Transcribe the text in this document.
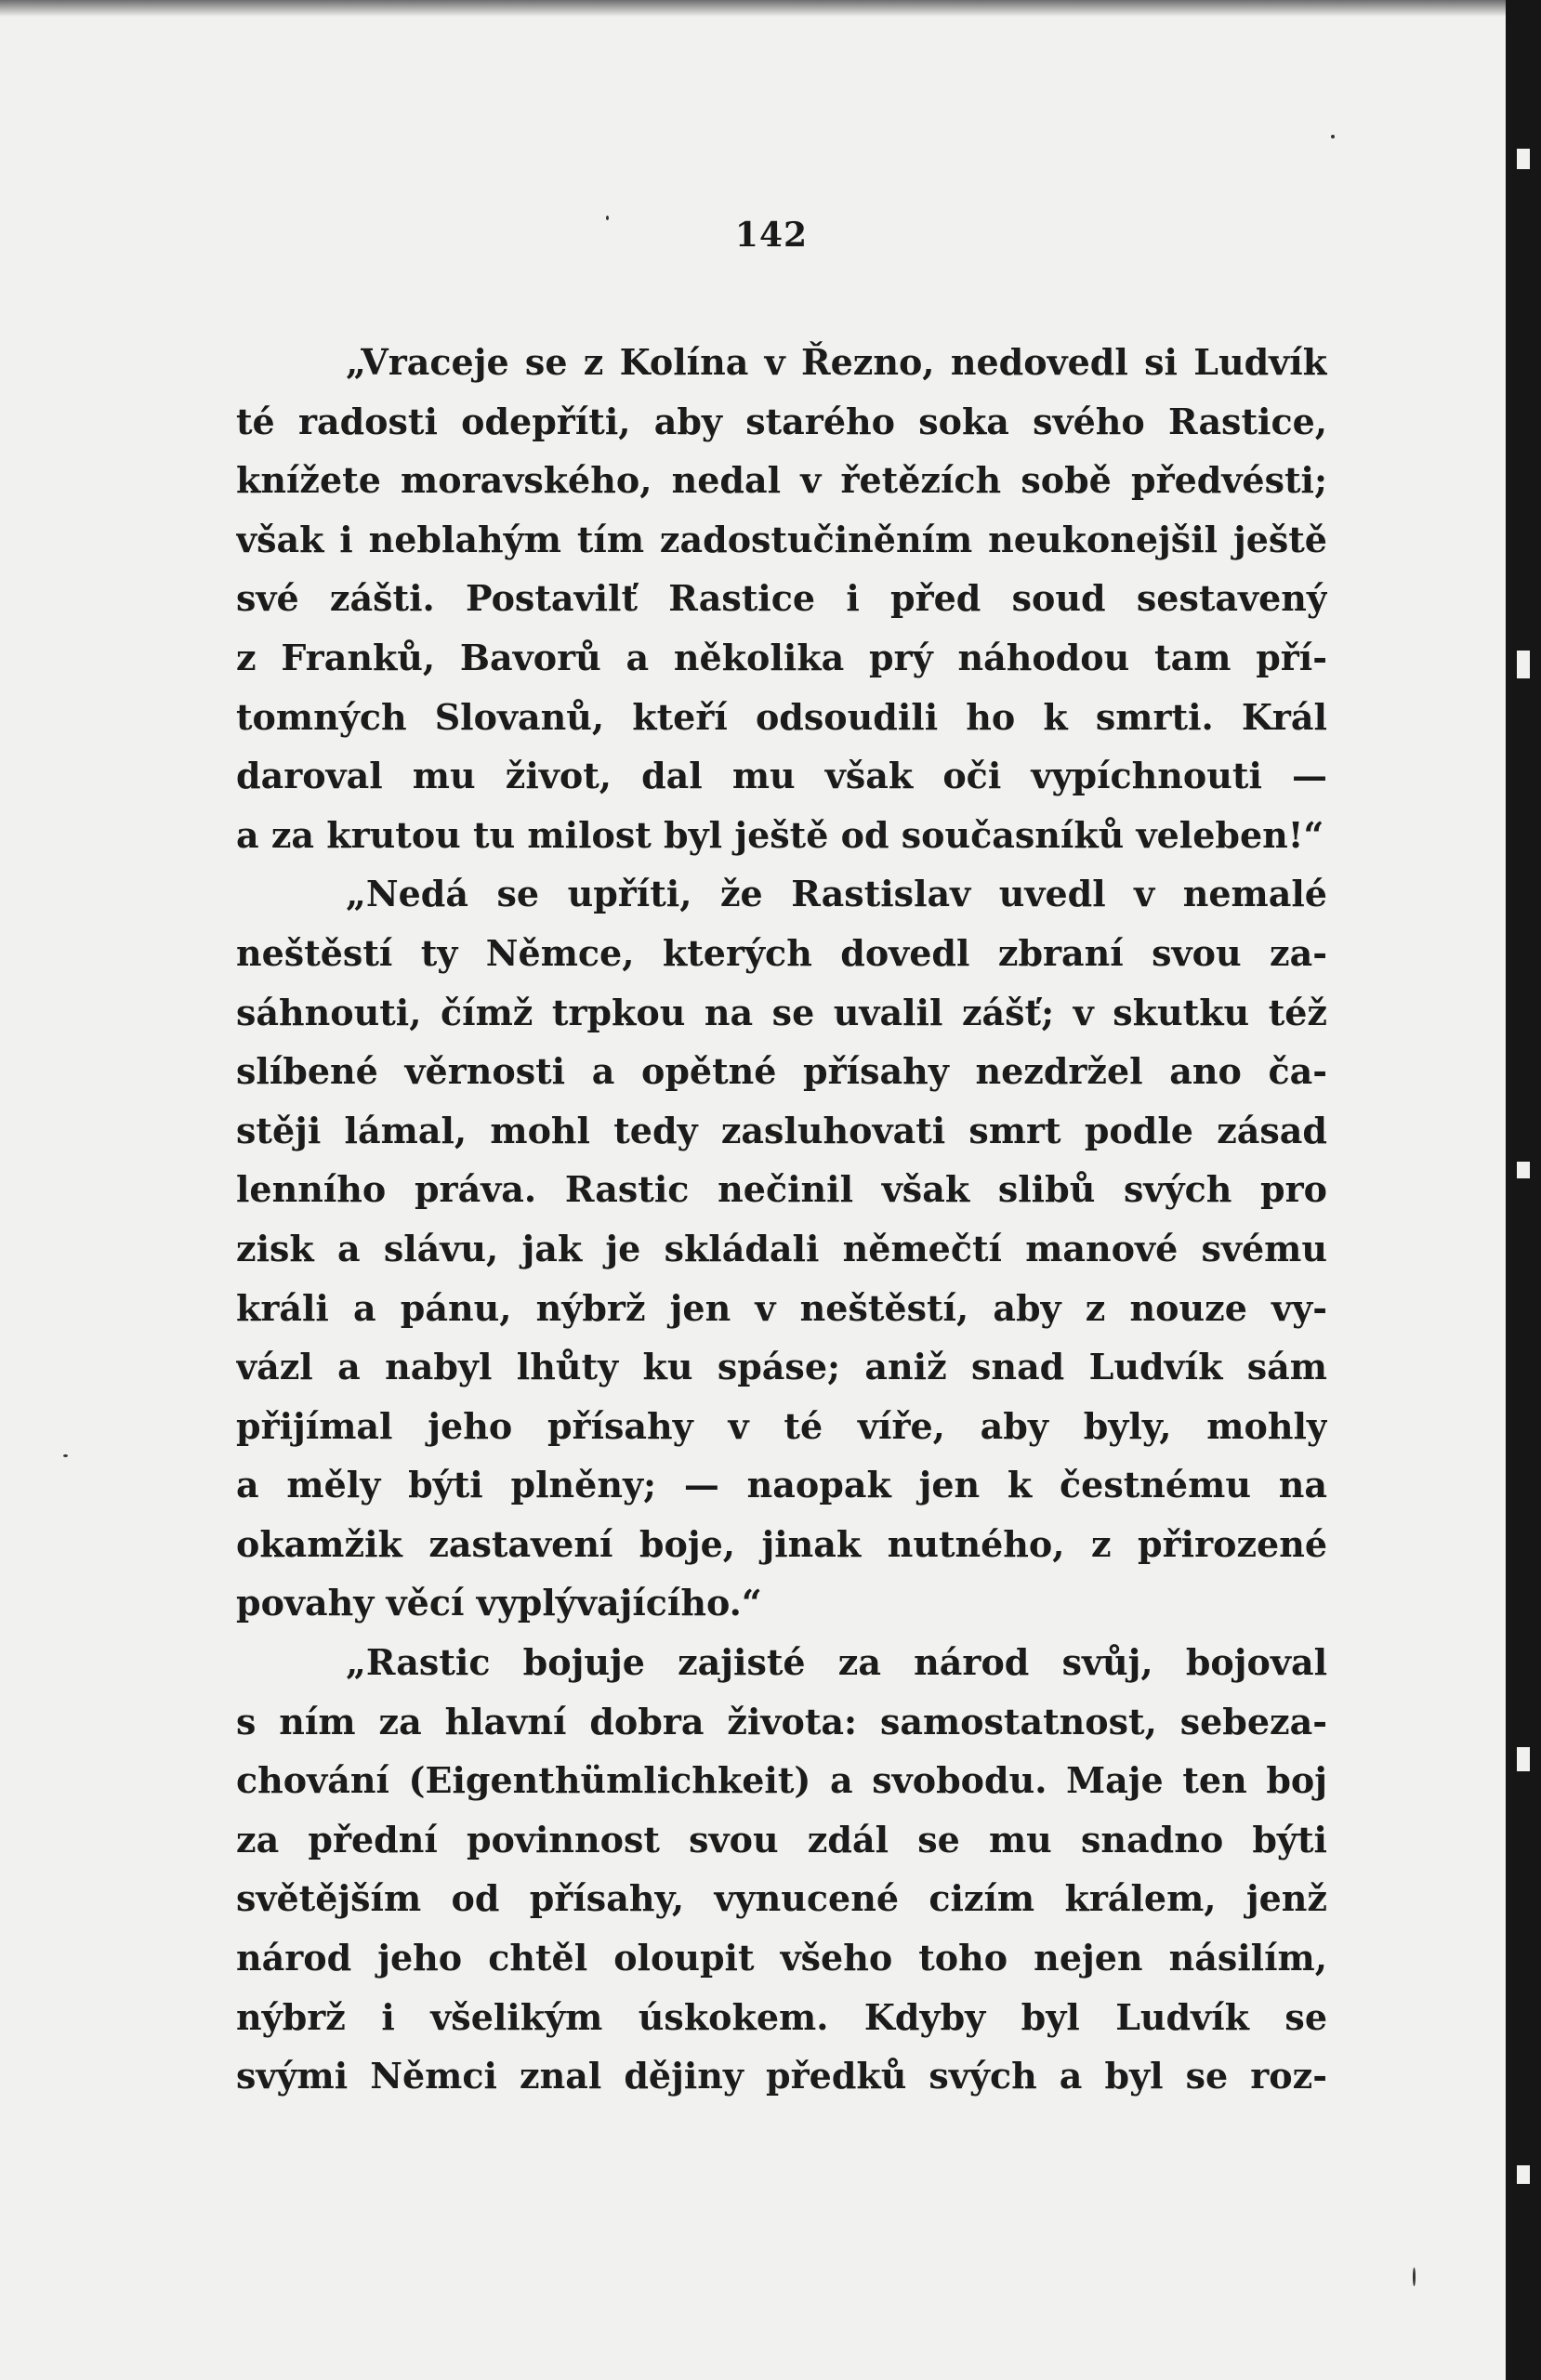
142
„Vraceje se z Kolína v Řezno, nedovedl si Ludvík
té radosti odepříti, aby starého soka svého Rastice,
knížete moravského, nedal v řetězích sobě předvésti;
však i neblahým tím zadostučiněním neukonejšil ještě
své zášti. Postavilť Rastice i před soud sestavený
z Franků, Bavorů a několika prý náhodou tam pří-
tomných Slovanů, kteří odsoudili ho k smrti. Král
daroval mu život, dal mu však oči vypíchnouti —
a za krutou tu milost byl ještě od současníků veleben!“
„Nedá se upříti, že Rastislav uvedl v nemalé
neštěstí ty Němce, kterých dovedl zbraní svou za-
sáhnouti, čímž trpkou na se uvalil zášť; v skutku též
slíbené věrnosti a opětné přísahy nezdržel ano ča-
stěji lámal, mohl tedy zasluhovati smrt podle zásad
lenního práva. Rastic nečinil však slibů svých pro
zisk a slávu, jak je skládali němečtí manové svému
králi a pánu, nýbrž jen v neštěstí, aby z nouze vy-
vázl a nabyl lhůty ku spáse; aniž snad Ludvík sám
přijímal jeho přísahy v té víře, aby byly, mohly
a měly býti plněny; — naopak jen k čestnému na
okamžik zastavení boje, jinak nutného, z přirozené
povahy věcí vyplývajícího.“
„Rastic bojuje zajisté za národ svůj, bojoval
s ním za hlavní dobra života: samostatnost, sebeza-
chování (Eigenthümlichkeit) a svobodu. Maje ten boj
za přední povinnost svou zdál se mu snadno býti
světějším od přísahy, vynucené cizím králem, jenž
národ jeho chtěl oloupit všeho toho nejen násilím,
nýbrž i všelikým úskokem. Kdyby byl Ludvík se
svými Němci znal dějiny předků svých a byl se roz-
